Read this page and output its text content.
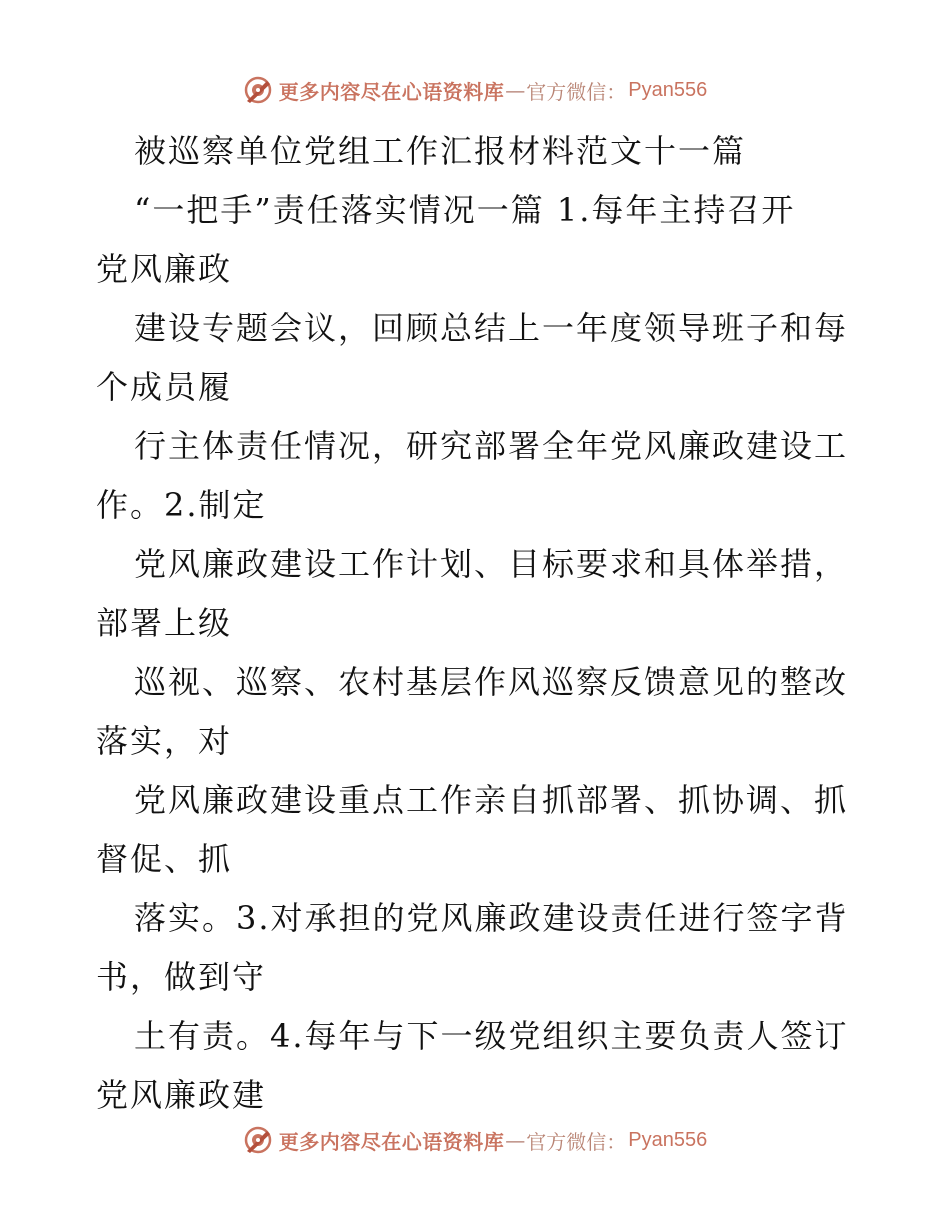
更多内容尽在心语资料库 — 官方微信： Pyan556
被巡察单位党组工作汇报材料范文十一篇
“一把手”责任落实情况一篇 1.每年主持召开
党风廉政
建设专题会议，回顾总结上一年度领导班子和每
个成员履
行主体责任情况，研究部署全年党风廉政建设工
作。2.制定
党风廉政建设工作计划、目标要求和具体举措，
部署上级
巡视、巡察、农村基层作风巡察反馈意见的整改
落实，对
党风廉政建设重点工作亲自抓部署、抓协调、抓
督促、抓
落实。3.对承担的党风廉政建设责任进行签字背
书，做到守
土有责。4.每年与下一级党组织主要负责人签订
党风廉政建
更多内容尽在心语资料库 — 官方微信： Pyan556
